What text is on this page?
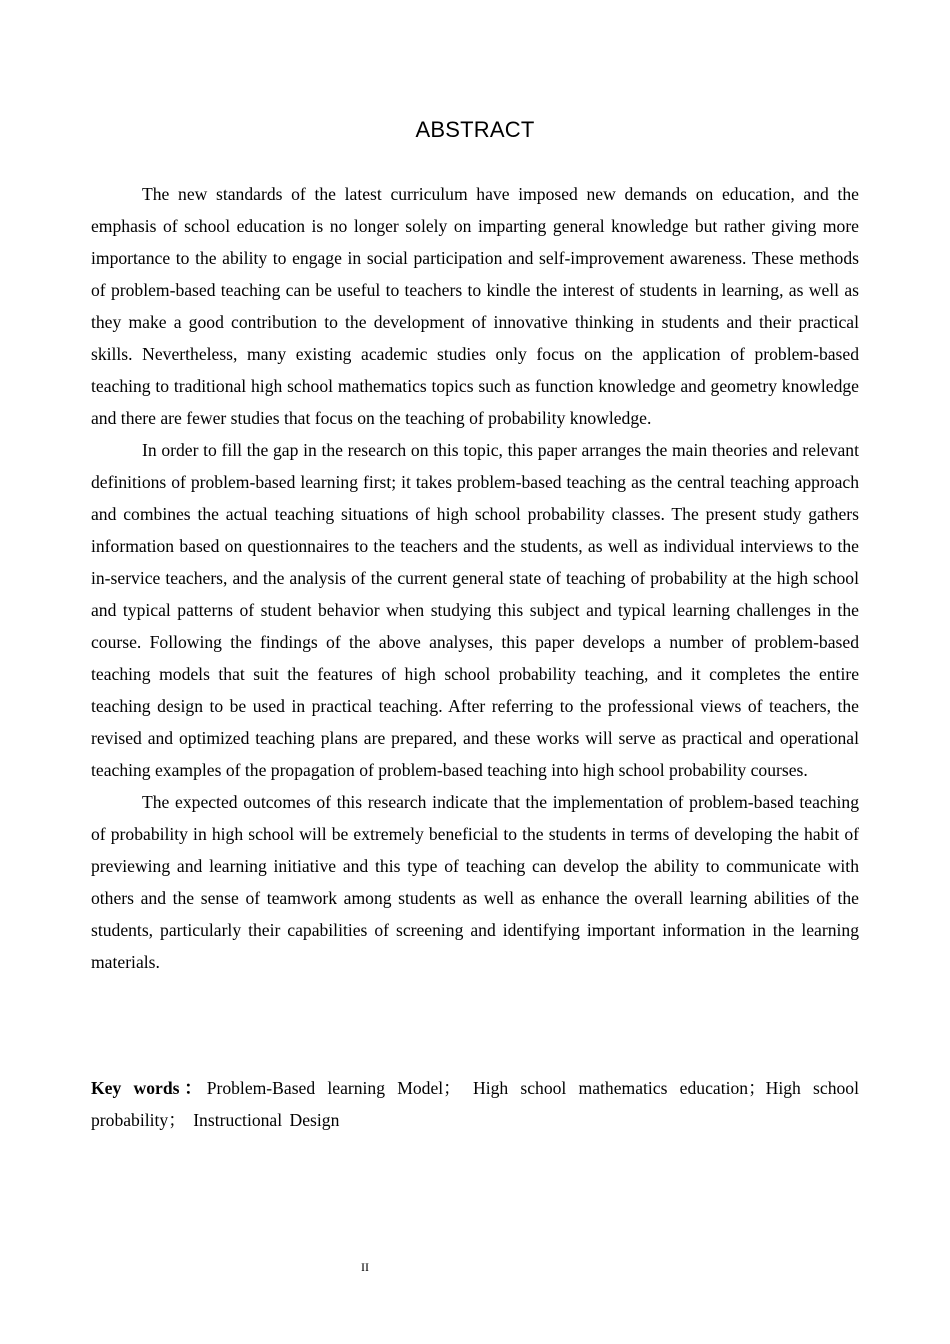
ABSTRACT

The new standards of the latest curriculum have imposed new demands on education, and the emphasis of school education is no longer solely on imparting general knowledge but rather giving more importance to the ability to engage in social participation and self-improvement awareness. These methods of problem-based teaching can be useful to teachers to kindle the interest of students in learning, as well as they make a good contribution to the development of innovative thinking in students and their practical skills. Nevertheless, many existing academic studies only focus on the application of problem-based teaching to traditional high school mathematics topics such as function knowledge and geometry knowledge and there are fewer studies that focus on the teaching of probability knowledge.

In order to fill the gap in the research on this topic, this paper arranges the main theories and relevant definitions of problem-based learning first; it takes problem-based teaching as the central teaching approach and combines the actual teaching situations of high school probability classes. The present study gathers information based on questionnaires to the teachers and the students, as well as individual interviews to the in-service teachers, and the analysis of the current general state of teaching of probability at the high school and typical patterns of student behavior when studying this subject and typical learning challenges in the course. Following the findings of the above analyses, this paper develops a number of problem-based teaching models that suit the features of high school probability teaching, and it completes the entire teaching design to be used in practical teaching. After referring to the professional views of teachers, the revised and optimized teaching plans are prepared, and these works will serve as practical and operational teaching examples of the propagation of problem-based teaching into high school probability courses.

The expected outcomes of this research indicate that the implementation of problem-based teaching of probability in high school will be extremely beneficial to the students in terms of developing the habit of previewing and learning initiative and this type of teaching can develop the ability to communicate with others and the sense of teamwork among students as well as enhance the overall learning abilities of the students, particularly their capabilities of screening and identifying important information in the learning materials.

Key words：Problem-Based learning Model； High school mathematics education；High school probability； Instructional Design

II
